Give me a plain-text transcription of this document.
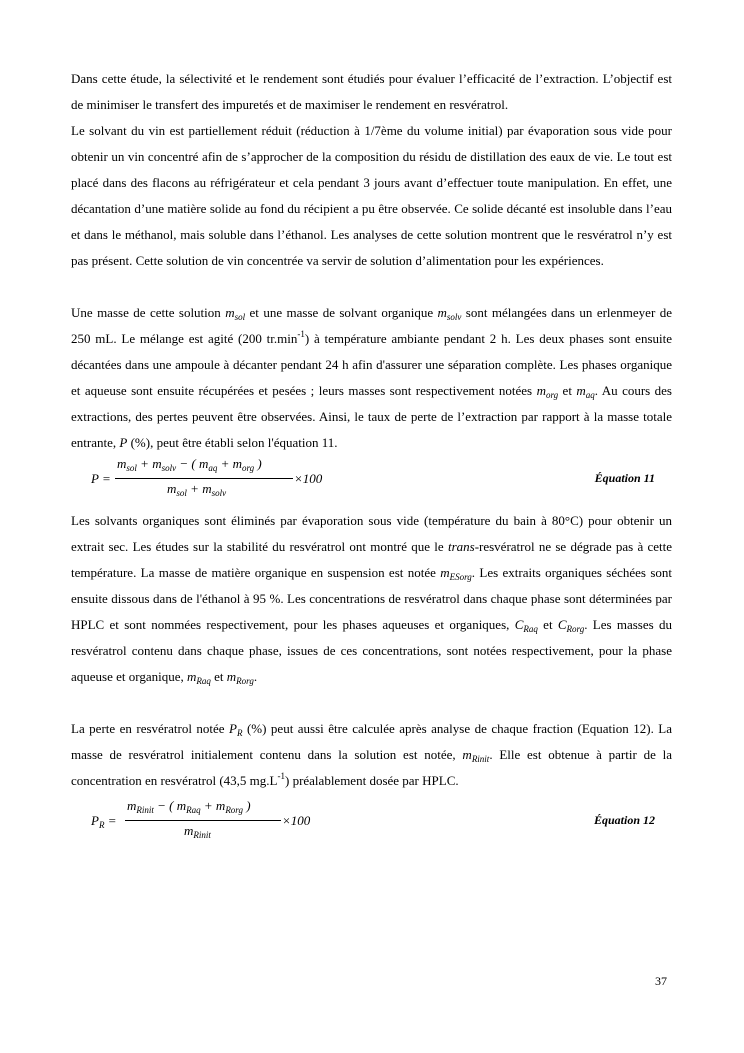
Dans cette étude, la sélectivité et le rendement sont étudiés pour évaluer l’efficacité de l’extraction. L’objectif est de minimiser le transfert des impuretés et de maximiser le rendement en resvératrol.

Le solvant du vin est partiellement réduit (réduction à 1/7ème du volume initial) par évaporation sous vide pour obtenir un vin concentré afin de s’approcher de la composition du résidu de distillation des eaux de vie. Le tout est placé dans des flacons au réfrigérateur et cela pendant 3 jours avant d’effectuer toute manipulation. En effet, une décantation d’une matière solide au fond du récipient a pu être observée. Ce solide décanté est insoluble dans l’eau et dans le méthanol, mais soluble dans l’éthanol. Les analyses de cette solution montrent que le resvératrol n’y est pas présent. Cette solution de vin concentrée va servir de solution d’alimentation pour les expériences.

Une masse de cette solution $m_{sol}$ et une masse de solvant organique $m_{solv}$ sont mélangées dans un erlenmeyer de 250 mL. Le mélange est agité (200 $tr.\min^{-1}$) à température ambiante pendant 2 h. Les deux phases sont ensuite décantées dans une ampoule à décanter pendant 24 h afin d'assurer une séparation complète. Les phases organique et aqueuse sont ensuite récupérées et pesées ; leurs masses sont respectivement notées $m_{org}$ et $m_{aq}$. Au cours des extractions, des pertes peuvent être observées. Ainsi, le taux de perte de l’extraction par rapport à la masse totale entrante, P (%), peut être établi selon l'équation 11.

P =
$m_{sol} + m_{solv}$ − ( $m_{aq} + m_{org}$ )
$m_{sol} + m_{solv}$
×100	Équation 11

Les solvants organiques sont éliminés par évaporation sous vide (température du bain à 80°C) pour obtenir un extrait sec. Les études sur la stabilité du resvératrol ont montré que le trans-resvératrol ne se dégrade pas à cette température. La masse de matière organique en suspension est notée $m_{ESorg}$. Les extraits organiques séchées sont ensuite dissous dans de l'éthanol à 95 %. Les concentrations de resvératrol dans chaque phase sont déterminées par HPLC et sont nommées respectivement, pour les phases aqueuses et organiques, $C_{Raq}$ et $C_{Rorg}$. Les masses du resvératrol contenu dans chaque phase, issues de ces concentrations, sont notées respectivement, pour la phase aqueuse et organique, $m_{Raq}$ et $m_{Rorg}$.

La perte en resvératrol notée $P_R$ (%) peut aussi être calculée après analyse de chaque fraction (Equation 12). La masse de resvératrol initialement contenu dans la solution est notée, $m_{Rinit}$. Elle est obtenue à partir de la concentration en resvératrol (43,5 $mg.L^{-1}$) préalablement dosée par HPLC.

$P_R$ =
$m_{Rinit}$ − ( $m_{Raq} + m_{Rorg}$ )
$m_{Rinit}$
×100	Équation 12
37
